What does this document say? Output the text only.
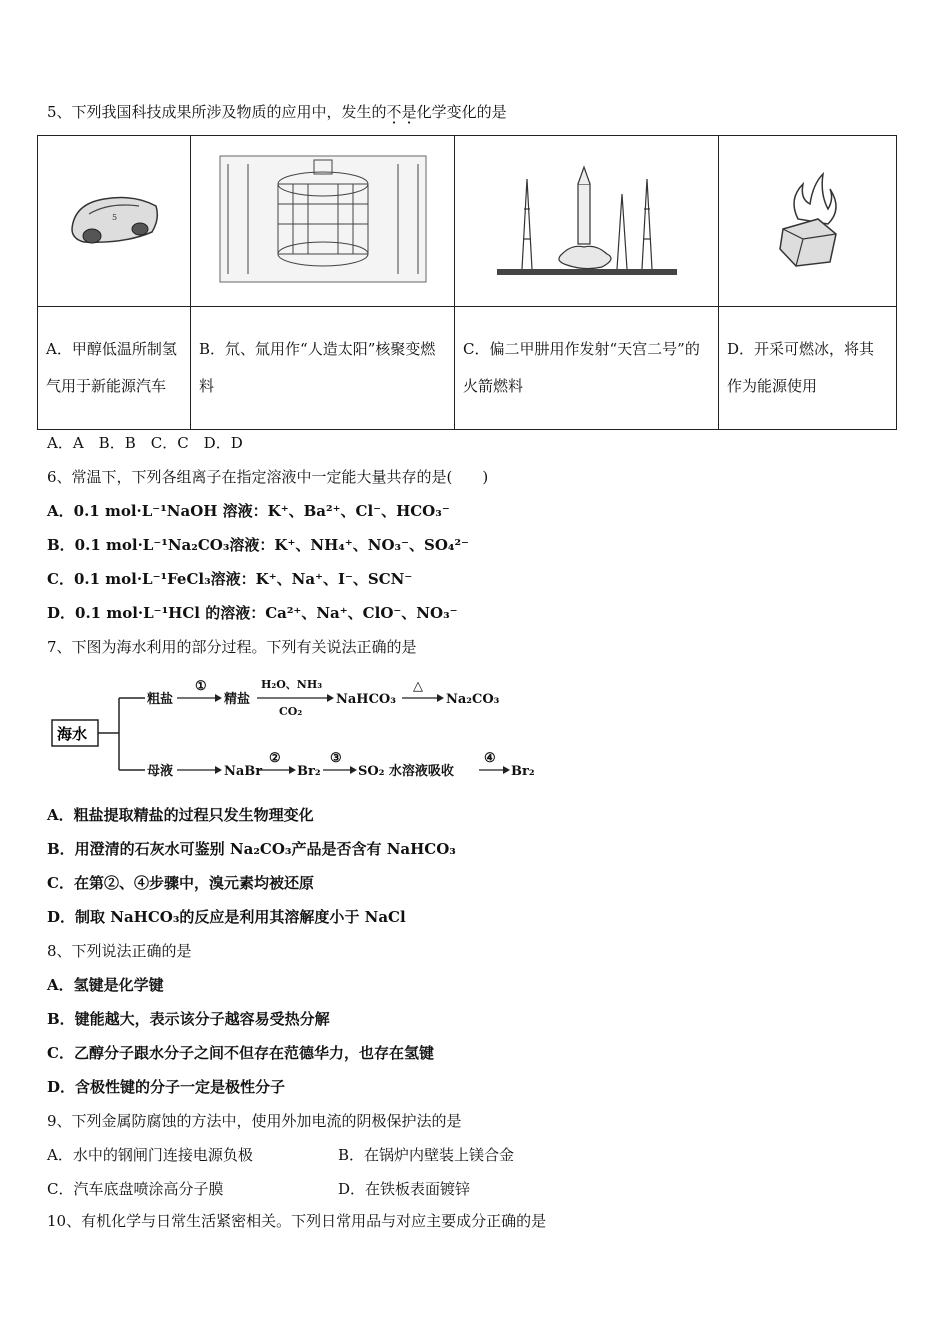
5、下列我国科技成果所涉及物质的应用中，发生的不是化学变化的是
5

A．甲醇低温所制氢气用于新能源汽车	B．氘、氚用作“人造太阳”核聚变燃料	C．偏二甲肼用作发射“天宫二号”的火箭燃料	D．开采可燃冰，将其作为能源使用
A．A　B．B　C．C　D．D
6、常温下，下列各组离子在指定溶液中一定能大量共存的是(　　)
A．0.1 mol·L⁻¹NaOH 溶液：K⁺、Ba²⁺、Cl⁻、HCO₃⁻
B．0.1 mol·L⁻¹Na₂CO₃溶液：K⁺、NH₄⁺、NO₃⁻、SO₄²⁻
C．0.1 mol·L⁻¹FeCl₃溶液：K⁺、Na⁺、I⁻、SCN⁻
D．0.1 mol·L⁻¹HCl 的溶液：Ca²⁺、Na⁺、ClO⁻、NO₃⁻
7、下图为海水利用的部分过程。下列有关说法正确的是
海水
粗盐
①
精盐
H₂O、NH₃
CO₂
NaHCO₃
△
Na₂CO₃
母液	NaBr
②
Br₂
③
SO₂ 水溶液吸收
④
Br₂
A．粗盐提取精盐的过程只发生物理变化
B．用澄清的石灰水可鉴别 Na₂CO₃产品是否含有 NaHCO₃
C．在第②、④步骤中，溴元素均被还原
D．制取 NaHCO₃的反应是利用其溶解度小于 NaCl
8、下列说法正确的是
A．氢键是化学键
B．键能越大，表示该分子越容易受热分解
C．乙醇分子跟水分子之间不但存在范德华力，也存在氢键
D．含极性键的分子一定是极性分子
9、下列金属防腐蚀的方法中，使用外加电流的阴极保护法的是
A．水中的钢闸门连接电源负极	B．在锅炉内壁装上镁合金
C．汽车底盘喷涂高分子膜	D．在铁板表面镀锌
10、有机化学与日常生活紧密相关。下列日常用品与对应主要成分正确的是
